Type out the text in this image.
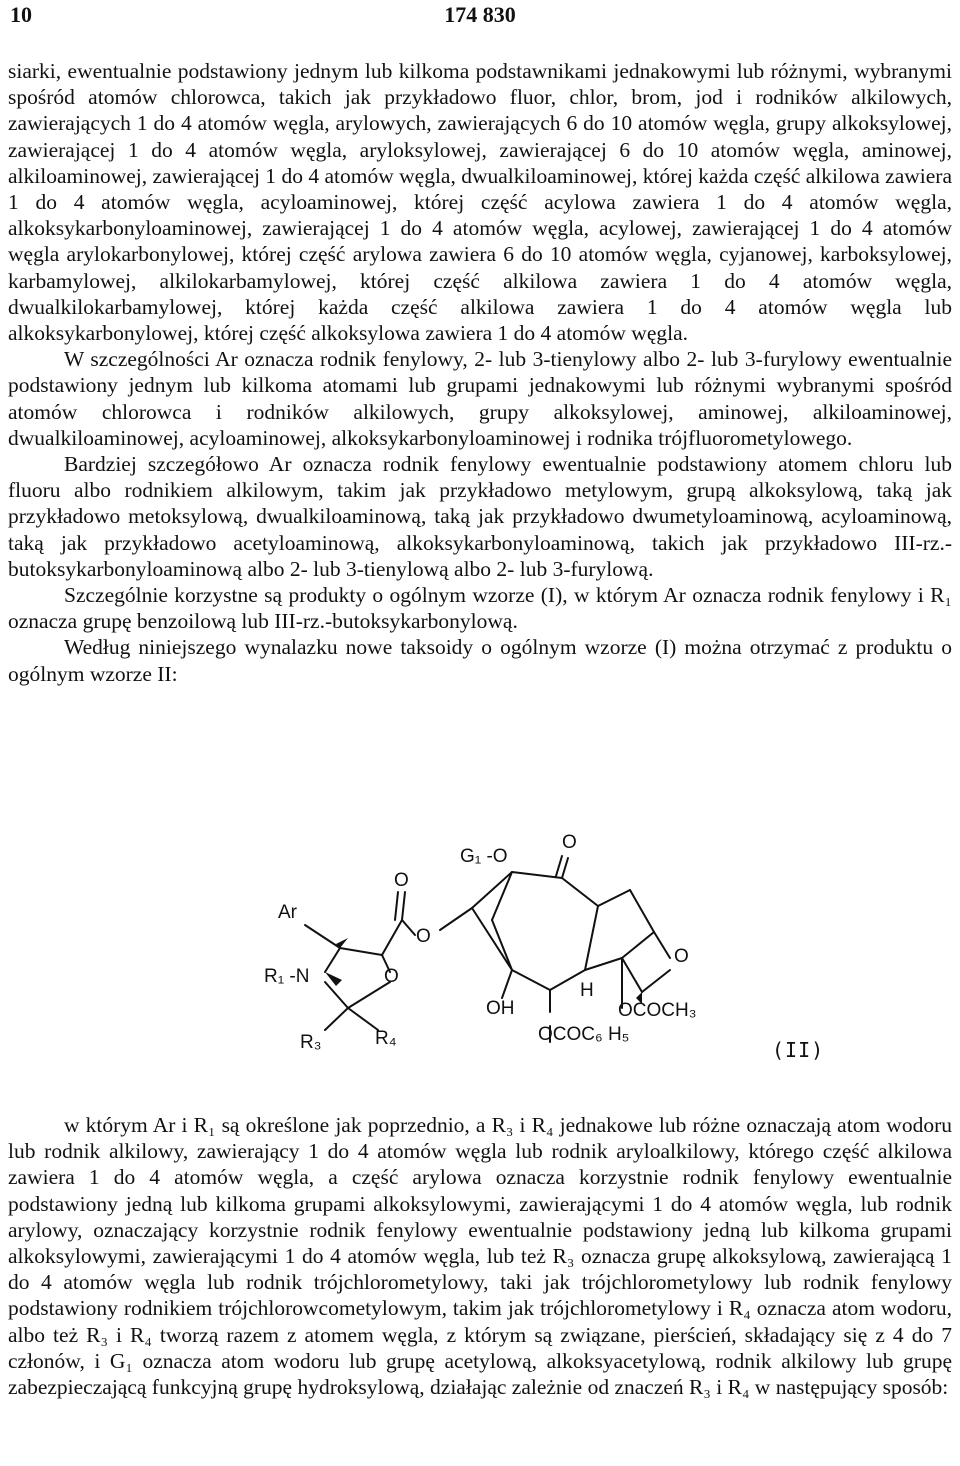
10	174 830

siarki, ewentualnie podstawiony jednym lub kilkoma podstawnikami jednakowymi lub różnymi, wybranymi spośród atomów chlorowca, takich jak przykładowo fluor, chlor, brom, jod i rodników alkilowych, zawierających 1 do 4 atomów węgla, arylowych, zawierających 6 do 10 atomów węgla, grupy alkoksylowej, zawierającej 1 do 4 atomów węgla, aryloksylowej, zawierającej 6 do 10 atomów węgla, aminowej, alkiloaminowej, zawierającej 1 do 4 atomów węgla, dwualkiloaminowej, której każda część alkilowa zawiera 1 do 4 atomów węgla, acyloaminowej, której część acylowa zawiera 1 do 4 atomów węgla, alkoksykarbonyloaminowej, zawierającej 1 do 4 atomów węgla, acylowej, zawierającej 1 do 4 atomów węgla arylokarbonylowej, której część arylowa zawiera 6 do 10 atomów węgla, cyjanowej, karboksylowej, karbamylowej, alkilokarbamylowej, której część alkilowa zawiera 1 do 4 atomów węgla, dwualkilokarbamylowej, której każda część alkilowa zawiera 1 do 4 atomów węgla lub alkoksykarbonylowej, której część alkoksylowa zawiera 1 do 4 atomów węgla.

W szczególności Ar oznacza rodnik fenylowy, 2- lub 3-tienylowy albo 2- lub 3-furylowy ewentualnie podstawiony jednym lub kilkoma atomami lub grupami jednakowymi lub różnymi wybranymi spośród atomów chlorowca i rodników alkilowych, grupy alkoksylowej, aminowej, alkiloaminowej, dwualkiloaminowej, acyloaminowej, alkoksykarbonyloaminowej i rodnika trójfluorometylowego.

Bardziej szczegółowo Ar oznacza rodnik fenylowy ewentualnie podstawiony atomem chloru lub fluoru albo rodnikiem alkilowym, takim jak przykładowo metylowym, grupą alkoksylową, taką jak przykładowo metoksylową, dwualkiloaminową, taką jak przykładowo dwumetyloaminową, acyloaminową, taką jak przykładowo acetyloaminową, alkoksykarbonyloaminową, takich jak przykładowo III-rz.-butoksykarbonyloaminową albo 2- lub 3-tienylową albo 2- lub 3-furylową.

Szczególnie korzystne są produkty o ogólnym wzorze (I), w którym Ar oznacza rodnik fenylowy i R₁ oznacza grupę benzoilową lub III-rz.-butoksykarbonylową.

Według niniejszego wynalazku nowe taksoidy o ogólnym wzorze (I) można otrzymać z produktu o ogólnym wzorze II:

Ar
G₁ -O
O
O
O
R₁ -N	O
O
R₃	R₄
OH
H
OCOCH₃
OCOC₆ H₅
(II)

w którym Ar i R₁ są określone jak poprzednio, a R₃ i R₄ jednakowe lub różne oznaczają atom wodoru lub rodnik alkilowy, zawierający 1 do 4 atomów węgla lub rodnik aryloalkilowy, którego część alkilowa zawiera 1 do 4 atomów węgla, a część arylowa oznacza korzystnie rodnik fenylowy ewentualnie podstawiony jedną lub kilkoma grupami alkoksylowymi, zawierającymi 1 do 4 atomów węgla, lub rodnik arylowy, oznaczający korzystnie rodnik fenylowy ewentualnie podstawiony jedną lub kilkoma grupami alkoksylowymi, zawierającymi 1 do 4 atomów węgla, lub też R₃ oznacza grupę alkoksylową, zawierającą 1 do 4 atomów węgla lub rodnik trójchlorometylowy, taki jak trójchlorometylowy lub rodnik fenylowy podstawiony rodnikiem trójchlorowcometylowym, takim jak trójchlorometylowy i R₄ oznacza atom wodoru, albo też R₃ i R₄ tworzą razem z atomem węgla, z którym są związane, pierścień, składający się z 4 do 7 członów, i G₁ oznacza atom wodoru lub grupę acetylową, alkoksyacetylową, rodnik alkilowy lub grupę zabezpieczającą funkcyjną grupę hydroksylową, działając zależnie od znaczeń R₃ i R₄ w następujący sposób:
